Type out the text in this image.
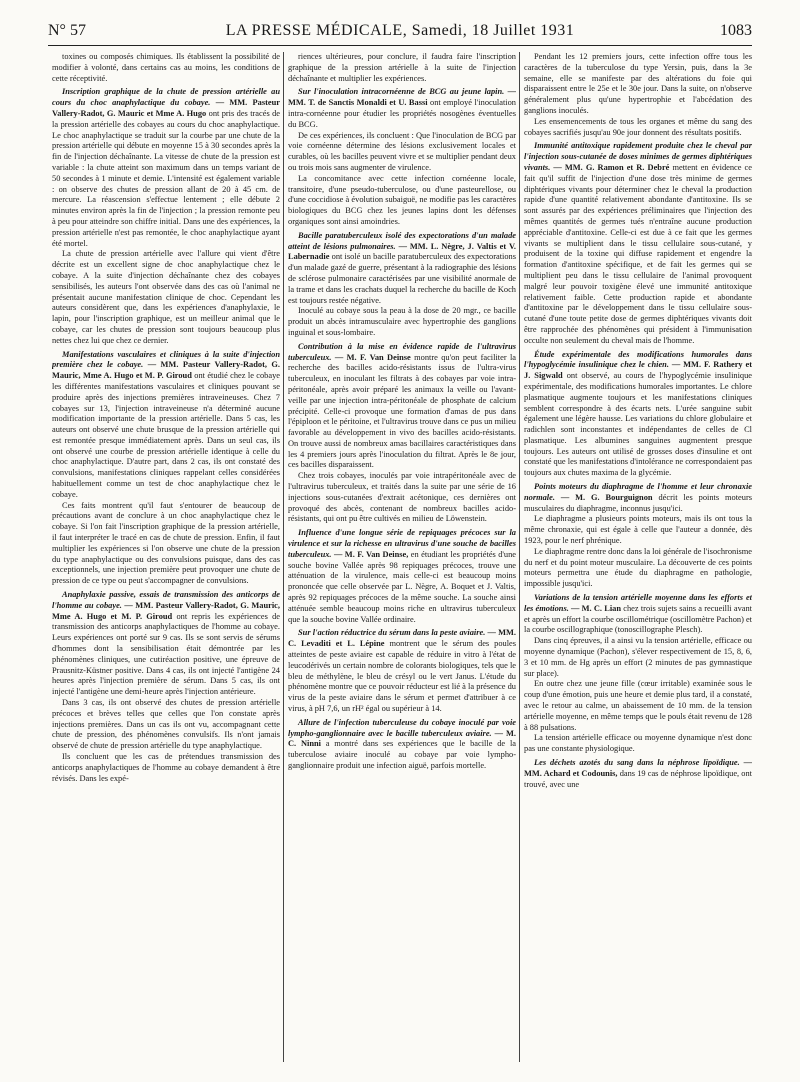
N° 57	LA PRESSE MÉDICALE, Samedi, 18 Juillet 1931	1083

toxines ou composés chimiques. Ils établissent la possibilité de modifier à volonté, dans certains cas au moins, les conditions de cette réceptivité.

Inscription graphique de la chute de pression artérielle au cours du choc anaphylactique du cobaye. — MM. Pasteur Vallery-Radot, G. Mauric et Mme A. Hugo ont pris des tracés de la pression artérielle des cobayes au cours du choc anaphylactique. Le choc anaphylactique se traduit sur la courbe par une chute de la pression artérielle qui débute en moyenne 15 à 30 secondes après la fin de l'injection déchaînante. La vitesse de chute de la pression est variable : la chute atteint son maximum dans un temps variant de 50 secondes à 1 minute et demie. L'intensité est également variable : on observe des chutes de pression allant de 20 à 45 cm. de mercure. La réascension s'effectue lentement ; elle débute 2 minutes environ après la fin de l'injection ; la pression remonte peu à peu pour atteindre son chiffre initial. Dans une des expériences, la pression artérielle n'est pas remontée, le choc anaphylactique ayant été mortel.

La chute de pression artérielle avec l'allure qui vient d'être décrite est un excellent signe de choc anaphylactique chez le cobaye. A la suite d'injection déchaînante chez des cobayes sensibilisés, les auteurs l'ont observée dans des cas où l'animal ne présentait aucune manifestation clinique de choc. Cependant les auteurs considèrent que, dans les expériences d'anaphylaxie, le lapin, pour l'inscription graphique, est un meilleur animal que le cobaye, car les chutes de pression sont toujours beaucoup plus nettes chez lui que chez ce dernier.

Manifestations vasculaires et cliniques à la suite d'injection première chez le cobaye. — MM. Pasteur Vallery-Radot, G. Mauric, Mme A. Hugo et M. P. Giroud ont étudié chez le cobaye les différentes manifestations vasculaires et cliniques pouvant se produire après des injections premières intraveineuses. Chez 7 cobayes sur 13, l'injection intraveineuse n'a déterminé aucune modification importante de la pression artérielle. Dans 5 cas, les auteurs ont observé une chute brusque de la pression artérielle qui est remontée presque immédiatement après. Dans un seul cas, ils ont observé une courbe de pression artérielle identique à celle du choc anaphylactique. D'autre part, dans 2 cas, ils ont constaté des convulsions, manifestations cliniques rappelant celles considérées habituellement comme un test de choc anaphylactique chez le cobaye.

Ces faits montrent qu'il faut s'entourer de beaucoup de précautions avant de conclure à un choc anaphylactique chez le cobaye. Si l'on fait l'inscription graphique de la pression artérielle, il faut interpréter le tracé en cas de chute de pression. Enfin, il faut multiplier les expériences si l'on observe une chute de la pression du type anaphylactique ou des convulsions puisque, dans des cas exceptionnels, une injection première peut provoquer une chute de pression de ce type ou peut s'accompagner de convulsions.

Anaphylaxie passive, essais de transmission des anticorps de l'homme au cobaye. — MM. Pasteur Vallery-Radot, G. Mauric, Mme A. Hugo et M. P. Giroud ont repris les expériences de transmission des anticorps anaphylactiques de l'homme au cobaye. Leurs expériences ont porté sur 9 cas. Ils se sont servis de sérums d'hommes dont la sensibilisation était démontrée par les phénomènes cliniques, une cutiréaction positive, une épreuve de Prausnitz-Küstner positive. Dans 4 cas, ils ont injecté l'antigène 24 heures après l'injection première de sérum. Dans 5 cas, ils ont injecté l'antigène une demi-heure après l'injection antérieure.

Dans 3 cas, ils ont observé des chutes de pression artérielle précoces et brèves telles que celles que l'on constate après injections premières. Dans un cas ils ont vu, accompagnant cette chute de pression, des phénomènes convulsifs. Ils n'ont jamais observé de chute de pression artérielle du type anaphylactique.

Ils concluent que les cas de prétendues transmission des anticorps anaphylactiques de l'homme au cobaye demandent à être révisés. Dans les expé-

riences ultérieures, pour conclure, il faudra faire l'inscription graphique de la pression artérielle à la suite de l'injection déchaînante et multiplier les expériences.

Sur l'inoculation intracornéenne de BCG au jeune lapin. — MM. T. de Sanctis Monaldi et U. Bassi ont employé l'inoculation intra-cornéenne pour étudier les propriétés nosogènes éventuelles du BCG.

De ces expériences, ils concluent : Que l'inoculation de BCG par voie cornéenne détermine des lésions exclusivement locales et curables, où les bacilles peuvent vivre et se multiplier pendant deux ou trois mois sans augmenter de virulence.

La concomitance avec cette infection cornéenne locale, transitoire, d'une pseudo-tuberculose, ou d'une pasteurellose, ou d'une coccidiose à évolution subaiguë, ne modifie pas les caractères biologiques du BCG chez les jeunes lapins dont les défenses organiques sont ainsi amoindries.

Bacille paratuberculeux isolé des expectorations d'un malade atteint de lésions pulmonaires. — MM. L. Nègre, J. Valtis et V. Labernadie ont isolé un bacille paratuberculeux des expectorations d'un malade gazé de guerre, présentant à la radiographie des lésions de sclérose pulmonaire caractérisées par une visibilité anormale de la trame et dans les crachats duquel la recherche du bacille de Koch est toujours restée négative.

Inoculé au cobaye sous la peau à la dose de 20 mgr., ce bacille produit un abcès intramusculaire avec hypertrophie des ganglions inguinal et sous-lombaire.

Contribution à la mise en évidence rapide de l'ultravirus tuberculeux. — M. F. Van Deinse montre qu'on peut faciliter la recherche des bacilles acido-résistants issus de l'ultra-virus tuberculeux, en inoculant les filtrats à des cobayes par voie intra-péritonéale, après avoir préparé les animaux la veille ou l'avant-veille par une injection intra-péritonéale de phosphate de calcium précipité. Celle-ci provoque une formation d'amas de pus dans l'épiploon et le péritoine, et l'ultravirus trouve dans ce pus un milieu favorable au développement in vivo des bacilles acido-résistants. On trouve aussi de nombreux amas bacillaires caractéristiques dans les 4 premiers jours après l'inoculation du filtrat. Après le 8e jour, ces bacilles disparaissent.

Chez trois cobayes, inoculés par voie intrapéritonéale avec de l'ultravirus tuberculeux, et traités dans la suite par une série de 16 injections sous-cutanées d'extrait acétonique, ces dernières ont provoqué des abcès, contenant de nombreux bacilles acido-résistants, qui ont pu être cultivés en milieu de Löwenstein.

Influence d'une longue série de repiquages précoces sur la virulence et sur la richesse en ultravirus d'une souche de bacilles tuberculeux. — M. F. Van Deinse, en étudiant les propriétés d'une souche bovine Vallée après 98 repiquages précoces, trouve une atténuation de la virulence, mais celle-ci est beaucoup moins prononcée que celle observée par L. Nègre, A. Boquet et J. Valtis, après 92 repiquages précoces de la même souche. La souche ainsi atténuée semble beaucoup moins riche en ultravirus tuberculeux que la souche bovine Vallée ordinaire.

Sur l'action réductrice du sérum dans la peste aviaire. — MM. C. Levaditi et L. Lépine montrent que le sérum des poules atteintes de peste aviaire est capable de réduire in vitro à l'état de leucodérivés un certain nombre de colorants biologiques, tels que le bleu de méthylène, le bleu de crésyl ou le vert Janus. L'étude du phénomène montre que ce pouvoir réducteur est lié à la présence du virus de la peste aviaire dans le sérum et permet d'attribuer à ce virus, à pH 7,6, un rH² égal ou supérieur à 14.

Allure de l'infection tuberculeuse du cobaye inoculé par voie lympho-ganglionnaire avec le bacille tuberculeux aviaire. — M. C. Ninni a montré dans ses expériences que le bacille de la tuberculose aviaire inoculé au cobaye par voie lympho-ganglionnaire produit une infection aiguë, parfois mortelle.

Pendant les 12 premiers jours, cette infection offre tous les caractères de la tuberculose du type Yersin, puis, dans la 3e semaine, elle se manifeste par des altérations du foie qui disparaissent entre le 25e et le 30e jour. Dans la suite, on n'observe généralement plus qu'une hypertrophie et l'abcédation des ganglions inoculés.

Les ensemencements de tous les organes et même du sang des cobayes sacrifiés jusqu'au 90e jour donnent des résultats positifs.

Immunité antitoxique rapidement produite chez le cheval par l'injection sous-cutanée de doses minimes de germes diphtériques vivants. — MM. G. Ramon et R. Debré mettent en évidence ce fait qu'il suffit de l'injection d'une dose très minime de germes diphtériques vivants pour déterminer chez le cheval la production rapide d'une quantité relativement abondante d'antitoxine. Ils se sont assurés par des expériences préliminaires que l'injection des mêmes quantités de germes tués n'entraîne aucune production appréciable d'antitoxine. Celle-ci est due à ce fait que les germes vivants se multiplient dans le tissu cellulaire sous-cutané, y produisent de la toxine qui diffuse rapidement et engendre la formation d'antitoxine spécifique, et de fait les germes qui se multiplient peu dans le tissu cellulaire de l'animal provoquent malgré leur pouvoir toxigène élevé une immunité antitoxique relativement faible. Cette production rapide et abondante d'antitoxine par le développement dans le tissu cellulaire sous-cutané d'une toute petite dose de germes diphtériques vivants doit être rapprochée des phénomènes qui président à l'immunisation occulte non seulement du cheval mais de l'homme.

Étude expérimentale des modifications humorales dans l'hypoglycémie insulinique chez le chien. — MM. F. Rathery et J. Sigwald ont observé, au cours de l'hypoglycémie insulinique expérimentale, des modifications humorales importantes. Le chlore plasmatique augmente toujours et les manifestations cliniques semblent correspondre à des écarts nets. L'urée sanguine subit également une légère hausse. Les variations du chlore globulaire et radichlen sont inconstantes et indépendantes de celles de Cl plasmatique. Les albumines sanguines augmentent presque toujours. Les auteurs ont utilisé de grosses doses d'insuline et ont constaté que les manifestations d'intolérance ne correspondaient pas toujours aux chutes maxima de la glycémie.

Points moteurs du diaphragme de l'homme et leur chronaxie normale. — M. G. Bourguignon décrit les points moteurs musculaires du diaphragme, inconnus jusqu'ici.

Le diaphragme a plusieurs points moteurs, mais ils ont tous la même chronaxie, qui est égale à celle que l'auteur a donnée, dès 1923, pour le nerf phrénique.

Le diaphragme rentre donc dans la loi générale de l'isochronisme du nerf et du point moteur musculaire. La découverte de ces points moteurs permettra une étude du diaphragme en pathologie, impossible jusqu'ici.

Variations de la tension artérielle moyenne dans les efforts et les émotions. — M. C. Lian chez trois sujets sains a recueilli avant et après un effort la courbe oscillométrique (oscillomètre Pachon) et la courbe oscillographique (tonoscillographe Plesch).

Dans cinq épreuves, il a ainsi vu la tension artérielle, efficace ou moyenne dynamique (Pachon), s'élever respectivement de 15, 8, 6, 3 et 10 mm. de Hg après un effort (2 minutes de pas gymnastique sur place).

En outre chez une jeune fille (cœur irritable) examinée sous le coup d'une émotion, puis une heure et demie plus tard, il a constaté, avec le retour au calme, un abaissement de 10 mm. de la tension artérielle moyenne, en même temps que le pouls était revenu de 128 à 88 pulsations.

La tension artérielle efficace ou moyenne dynamique n'est donc pas une constante physiologique.

Les déchets azotés du sang dans la néphrose lipoïdique. — MM. Achard et Codounis, dans 19 cas de néphrose lipoïdique, ont trouvé, avec une
